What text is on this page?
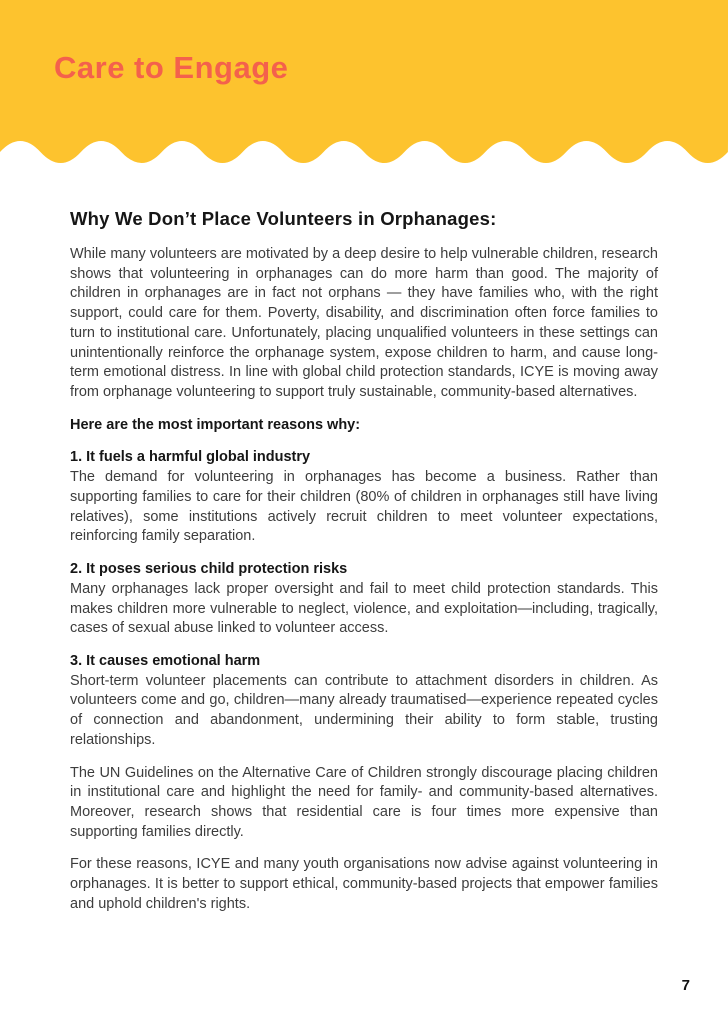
Care to Engage
Why We Don’t Place Volunteers in Orphanages:

While many volunteers are motivated by a deep desire to help vulnerable children, research shows that volunteering in orphanages can do more harm than good. The majority of children in orphanages are in fact not orphans — they have families who, with the right support, could care for them. Poverty, disability, and discrimination often force families to turn to institutional care. Unfortunately, placing unqualified volunteers in these settings can unintentionally reinforce the orphanage system, expose children to harm, and cause long-term emotional distress. In line with global child protection standards, ICYE is moving away from orphanage volunteering to support truly sustainable, community-based alternatives.

Here are the most important reasons why:

1. It fuels a harmful global industry

The demand for volunteering in orphanages has become a business. Rather than supporting families to care for their children (80% of children in orphanages still have living relatives), some institutions actively recruit children to meet volunteer expectations, reinforcing family separation.

2. It poses serious child protection risks

Many orphanages lack proper oversight and fail to meet child protection standards. This makes children more vulnerable to neglect, violence, and exploitation—including, tragically, cases of sexual abuse linked to volunteer access.

3. It causes emotional harm

Short-term volunteer placements can contribute to attachment disorders in children. As volunteers come and go, children—many already traumatised—experience repeated cycles of connection and abandonment, undermining their ability to form stable, trusting relationships.

The UN Guidelines on the Alternative Care of Children strongly discourage placing children in institutional care and highlight the need for family- and community-based alternatives. Moreover, research shows that residential care is four times more expensive than supporting families directly.

For these reasons, ICYE and many youth organisations now advise against volunteering in orphanages. It is better to support ethical, community-based projects that empower families and uphold children's rights.

7
